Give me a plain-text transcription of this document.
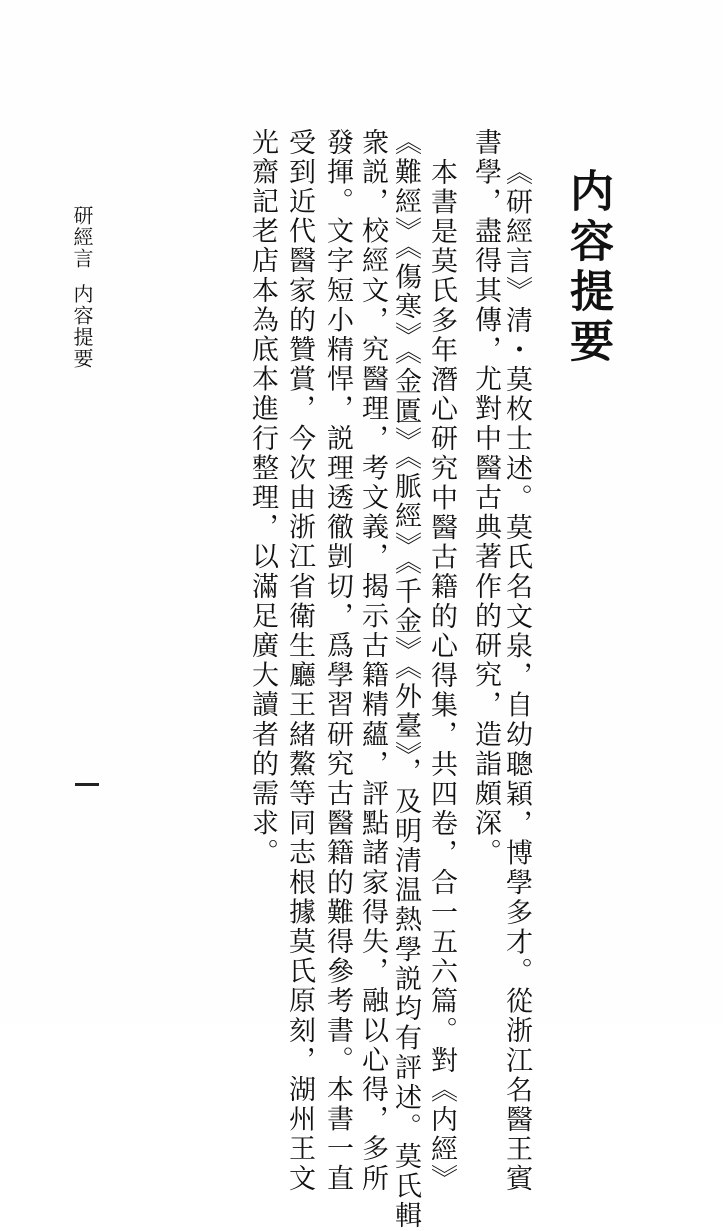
内容提要
《研經言》清・莫枚士述。莫氏名文泉，自幼聰穎，博學多才。從浙江名醫王賓
書學，盡得其傳，尤對中醫古典著作的研究，造詣頗深。
本書是莫氏多年潛心研究中醫古籍的心得集，共四卷，合一五六篇。對《内經》
《難經》《傷寒》《金匱》《脈經》《千金》《外臺》，及明清温熱學説均有評述。莫氏輯
衆説，校經文，究醫理，考文義，揭示古籍精蘊，評點諸家得失，融以心得，多所
發揮。文字短小精悍，説理透徹剴切，爲學習研究古醫籍的難得參考書。本書一直
受到近代醫家的贊賞，今次由浙江省衛生廳王緒鰲等同志根據莫氏原刻，湖州王文
光齋記老店本為底本進行整理，以滿足廣大讀者的需求。
研經言内容提要
